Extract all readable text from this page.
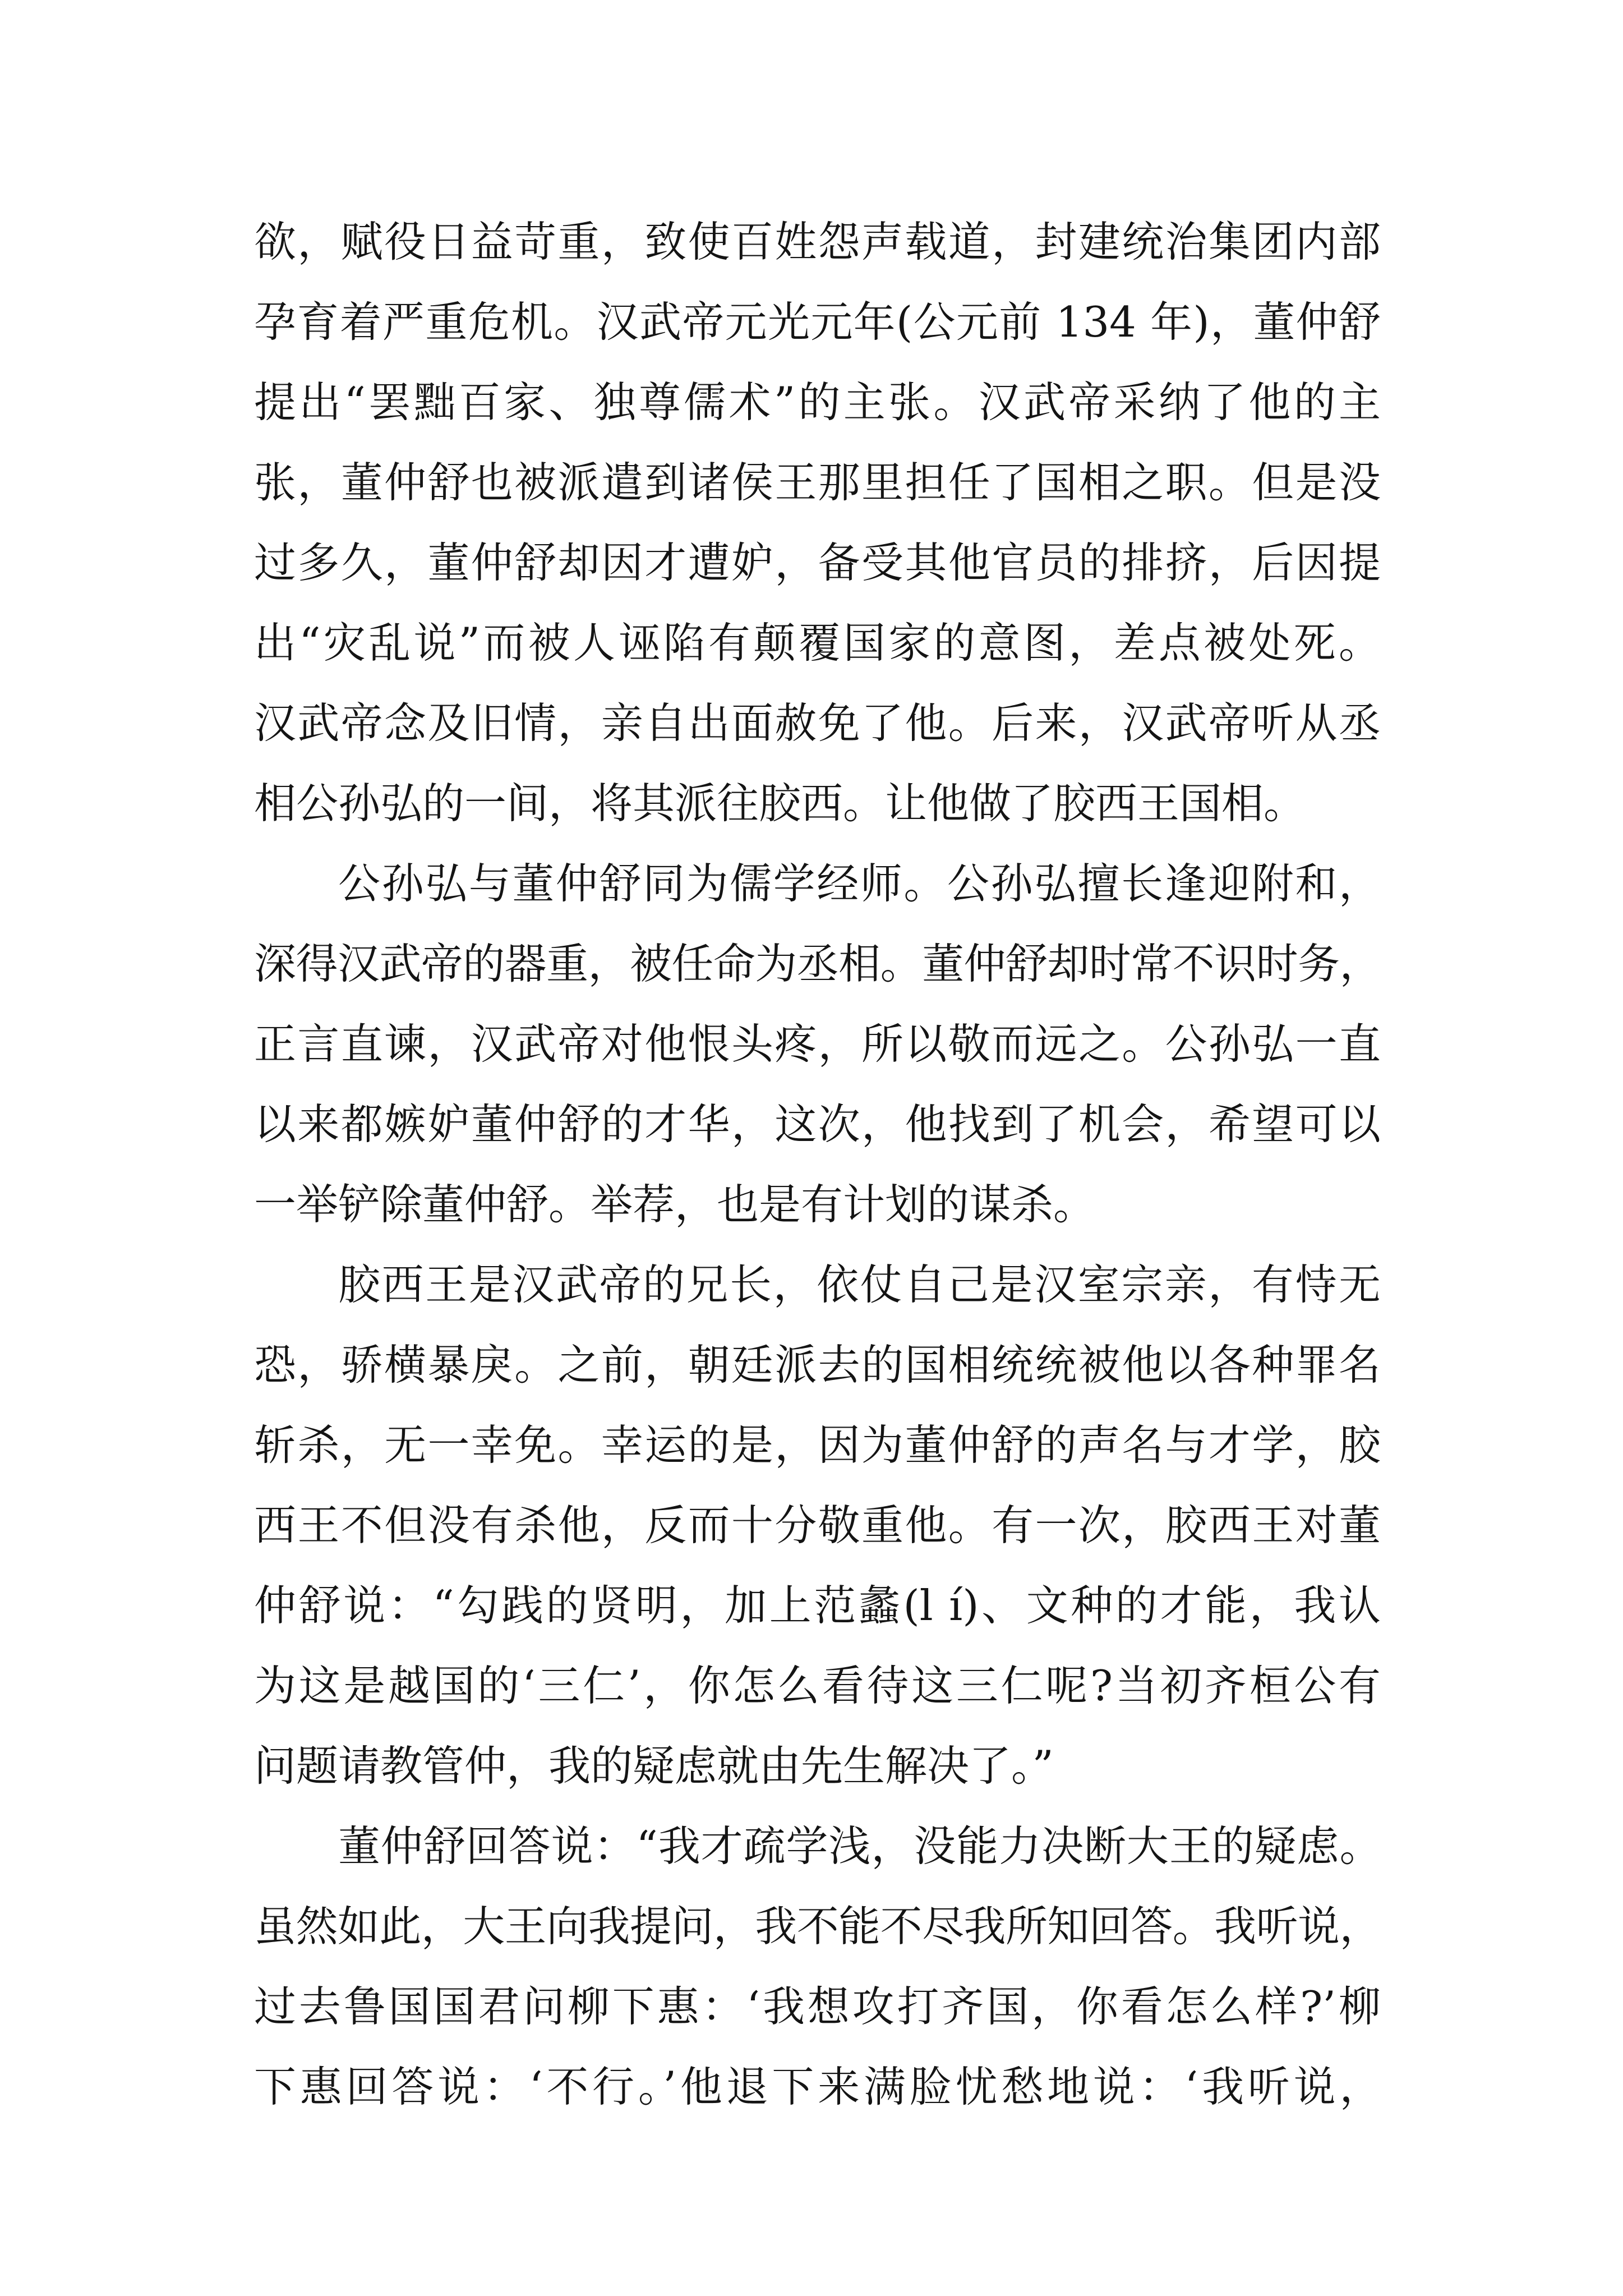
欲，赋役日益苛重，致使百姓怨声载道，封建统治集团内部
孕育着严重危机。汉武帝元光元年(公元前 134 年)，董仲舒
提出“罢黜百家、独尊儒术”的主张。汉武帝采纳了他的主
张，董仲舒也被派遣到诸侯王那里担任了国相之职。但是没
过多久，董仲舒却因才遭妒，备受其他官员的排挤，后因提
出“灾乱说”而被人诬陷有颠覆国家的意图，差点被处死。
汉武帝念及旧情，亲自出面赦免了他。后来，汉武帝听从丞
相公孙弘的一间，将其派往胶西。让他做了胶西王国相。
公孙弘与董仲舒同为儒学经师。公孙弘擅长逢迎附和，
深得汉武帝的器重，被任命为丞相。董仲舒却时常不识时务，
正言直谏，汉武帝对他恨头疼，所以敬而远之。公孙弘一直
以来都嫉妒董仲舒的才华，这次，他找到了机会，希望可以
一举铲除董仲舒。举荐，也是有计划的谋杀。
胶西王是汉武帝的兄长，依仗自己是汉室宗亲，有恃无
恐，骄横暴戾。之前，朝廷派去的国相统统被他以各种罪名
斩杀，无一幸免。幸运的是，因为董仲舒的声名与才学，胶
西王不但没有杀他，反而十分敬重他。有一次，胶西王对董
仲舒说：“勾践的贤明，加上范蠡(l í)、文种的才能，我认
为这是越国的‘三仁’，你怎么看待这三仁呢?当初齐桓公有
问题请教管仲，我的疑虑就由先生解决了。”
董仲舒回答说：“我才疏学浅，没能力决断大王的疑虑。
虽然如此，大王向我提问，我不能不尽我所知回答。我听说，
过去鲁国国君问柳下惠：‘我想攻打齐国，你看怎么样?’柳
下惠回答说：‘不行。’他退下来满脸忧愁地说：‘我听说，
